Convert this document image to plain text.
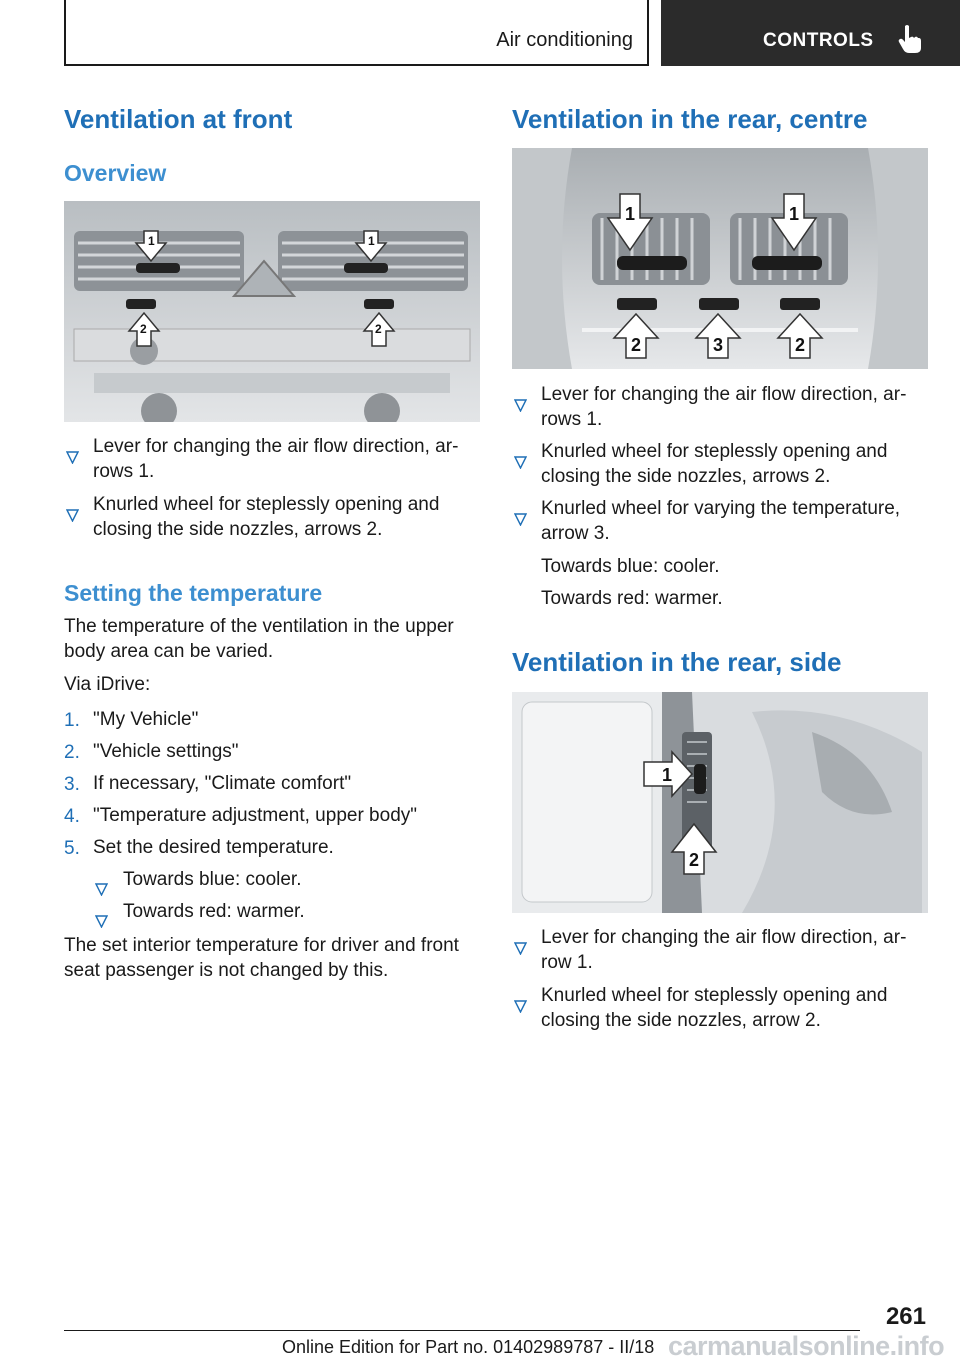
Air conditioning	CONTROLS
Ventilation at front
Overview
1	1
2	2
Lever for changing the air flow direction, ar-
rows 1.
Knurled wheel for steplessly opening and
closing the side nozzles, arrows 2.
Setting the temperature
The temperature of the ventilation in the upper
body area can be varied.
Via iDrive:
1. "My Vehicle"
2. "Vehicle settings"
3. If necessary, "Climate comfort"
4. "Temperature adjustment, upper body"
5. Set the desired temperature.
Towards blue: cooler.
Towards red: warmer.
The set interior temperature for driver and front
seat passenger is not changed by this.
Ventilation in the rear, centre
1	1
2	3	2
Lever for changing the air flow direction, ar-
rows 1.
Knurled wheel for steplessly opening and
closing the side nozzles, arrows 2.
Knurled wheel for varying the temperature,
arrow 3.
Towards blue: cooler.
Towards red: warmer.
Ventilation in the rear, side
1
2
Lever for changing the air flow direction, ar-
row 1.
Knurled wheel for steplessly opening and
closing the side nozzles, arrow 2.
261
Online Edition for Part no. 01402989787 - II/18 carmanualsonline.info
